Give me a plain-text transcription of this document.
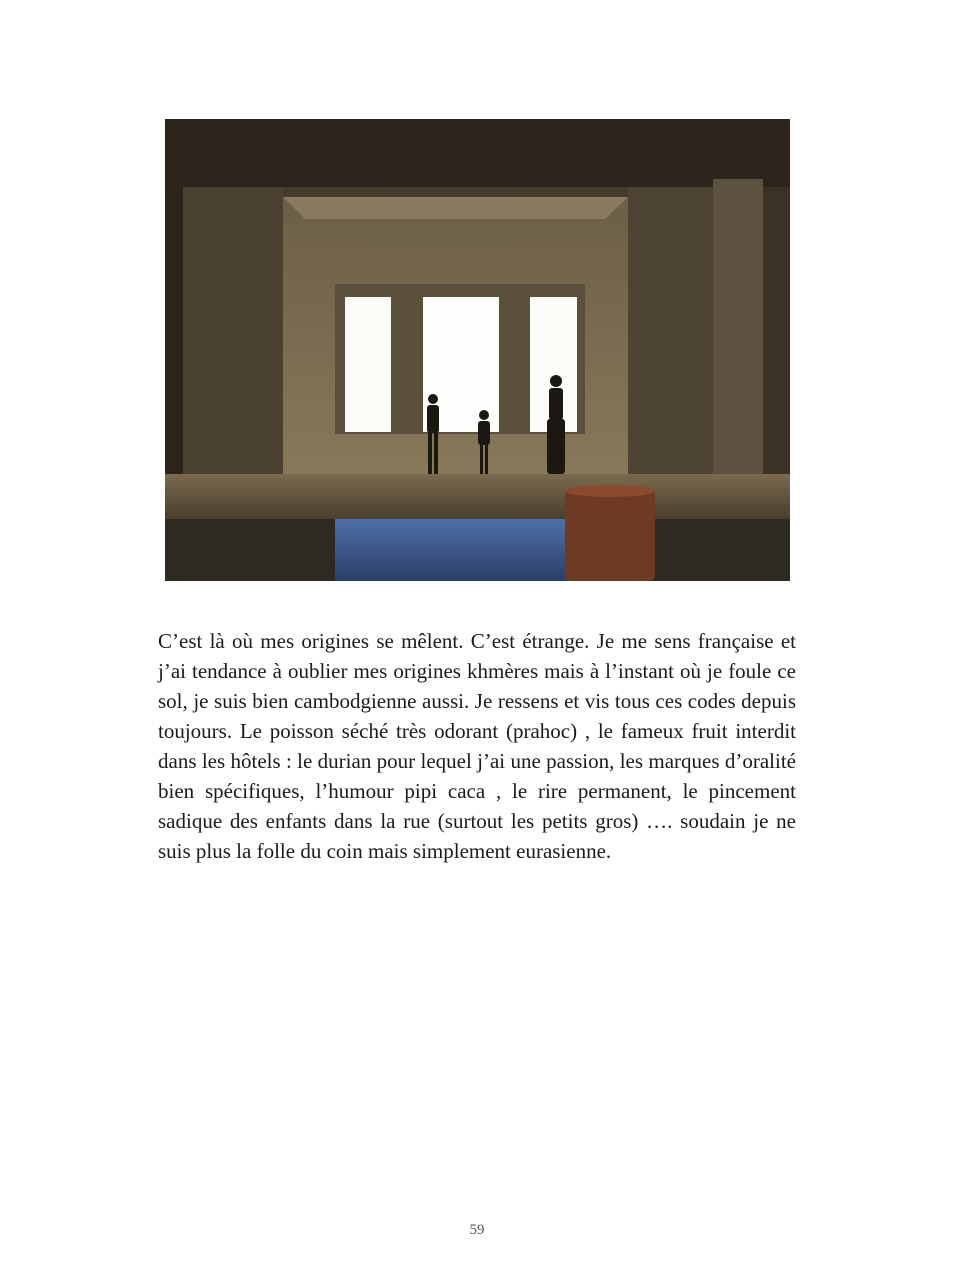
C’est là où mes origines se mêlent. C’est étrange. Je me sens française et j’ai tendance à oublier mes origines khmères mais à l’instant où je foule ce sol, je suis bien cambodgienne aussi. Je ressens et vis tous ces codes depuis toujours. Le poisson séché très odorant (prahoc) , le fameux fruit interdit dans les hôtels : le durian pour lequel j’ai une passion, les marques d’oralité bien spécifiques, l’humour pipi caca , le rire permanent, le pincement sadique des enfants dans la rue (surtout les petits gros) …. soudain je ne suis plus la folle du coin mais simplement eurasienne.

59
